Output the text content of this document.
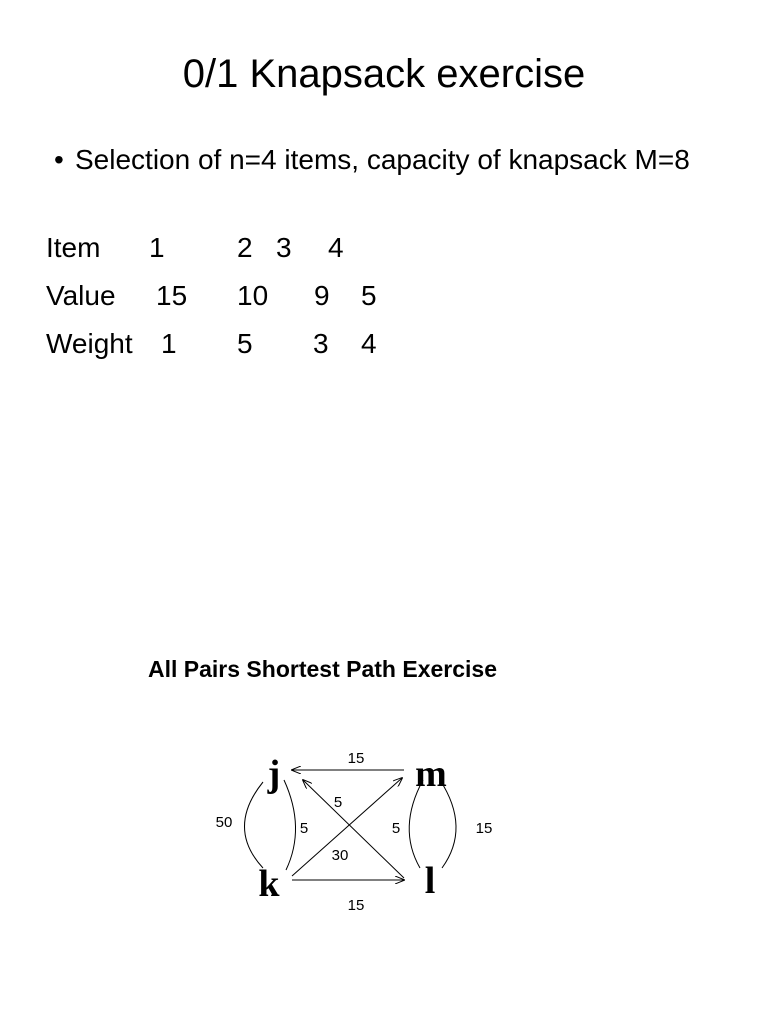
0/1 Knapsack exercise
• Selection of n=4 items, capacity of knapsack M=8
Item 1	2 3 4
Value 15 10 9 5
Weight 1 5 3 4
All Pairs Shortest Path Exercise
15
15
5
30
50	5	5	15
j
k
m
l
